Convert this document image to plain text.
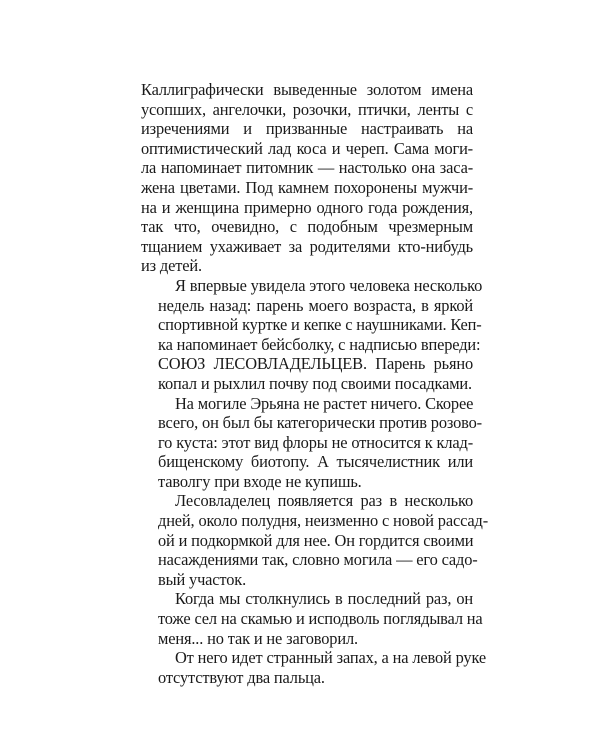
Каллиграфически выведенные золотом имена
усопших, ангелочки, розочки, птички, ленты с
изречениями и призванные настраивать на
оптимистический лад коса и череп. Сама моги-
ла напоминает питомник — настолько она заса-
жена цветами. Под камнем похоронены мужчи-
на и женщина примерно одного года рождения,
так что, очевидно, с подобным чрезмерным
тщанием ухаживает за родителями кто-нибудь
из детей.

Я впервые увидела этого человека несколько
недель назад: парень моего возраста, в яркой
спортивной куртке и кепке с наушниками. Кеп-
ка напоминает бейсболку, с надписью впереди:
СОЮЗ ЛЕСОВЛАДЕЛЬЦЕВ. Парень рьяно
копал и рыхлил почву под своими посадками.

На могиле Эрьяна не растет ничего. Скорее
всего, он был бы категорически против розово-
го куста: этот вид флоры не относится к клад-
бищенскому биотопу. А тысячелистник или
таволгу при входе не купишь.

Лесовладелец появляется раз в несколько
дней, около полудня, неизменно с новой рассад-
ой и подкормкой для нее. Он гордится своими
насаждениями так, словно могила — его садо-
вый участок.

Когда мы столкнулись в последний раз, он
тоже сел на скамью и исподволь поглядывал на
меня... но так и не заговорил.

От него идет странный запах, а на левой руке
отсутствуют два пальца.
